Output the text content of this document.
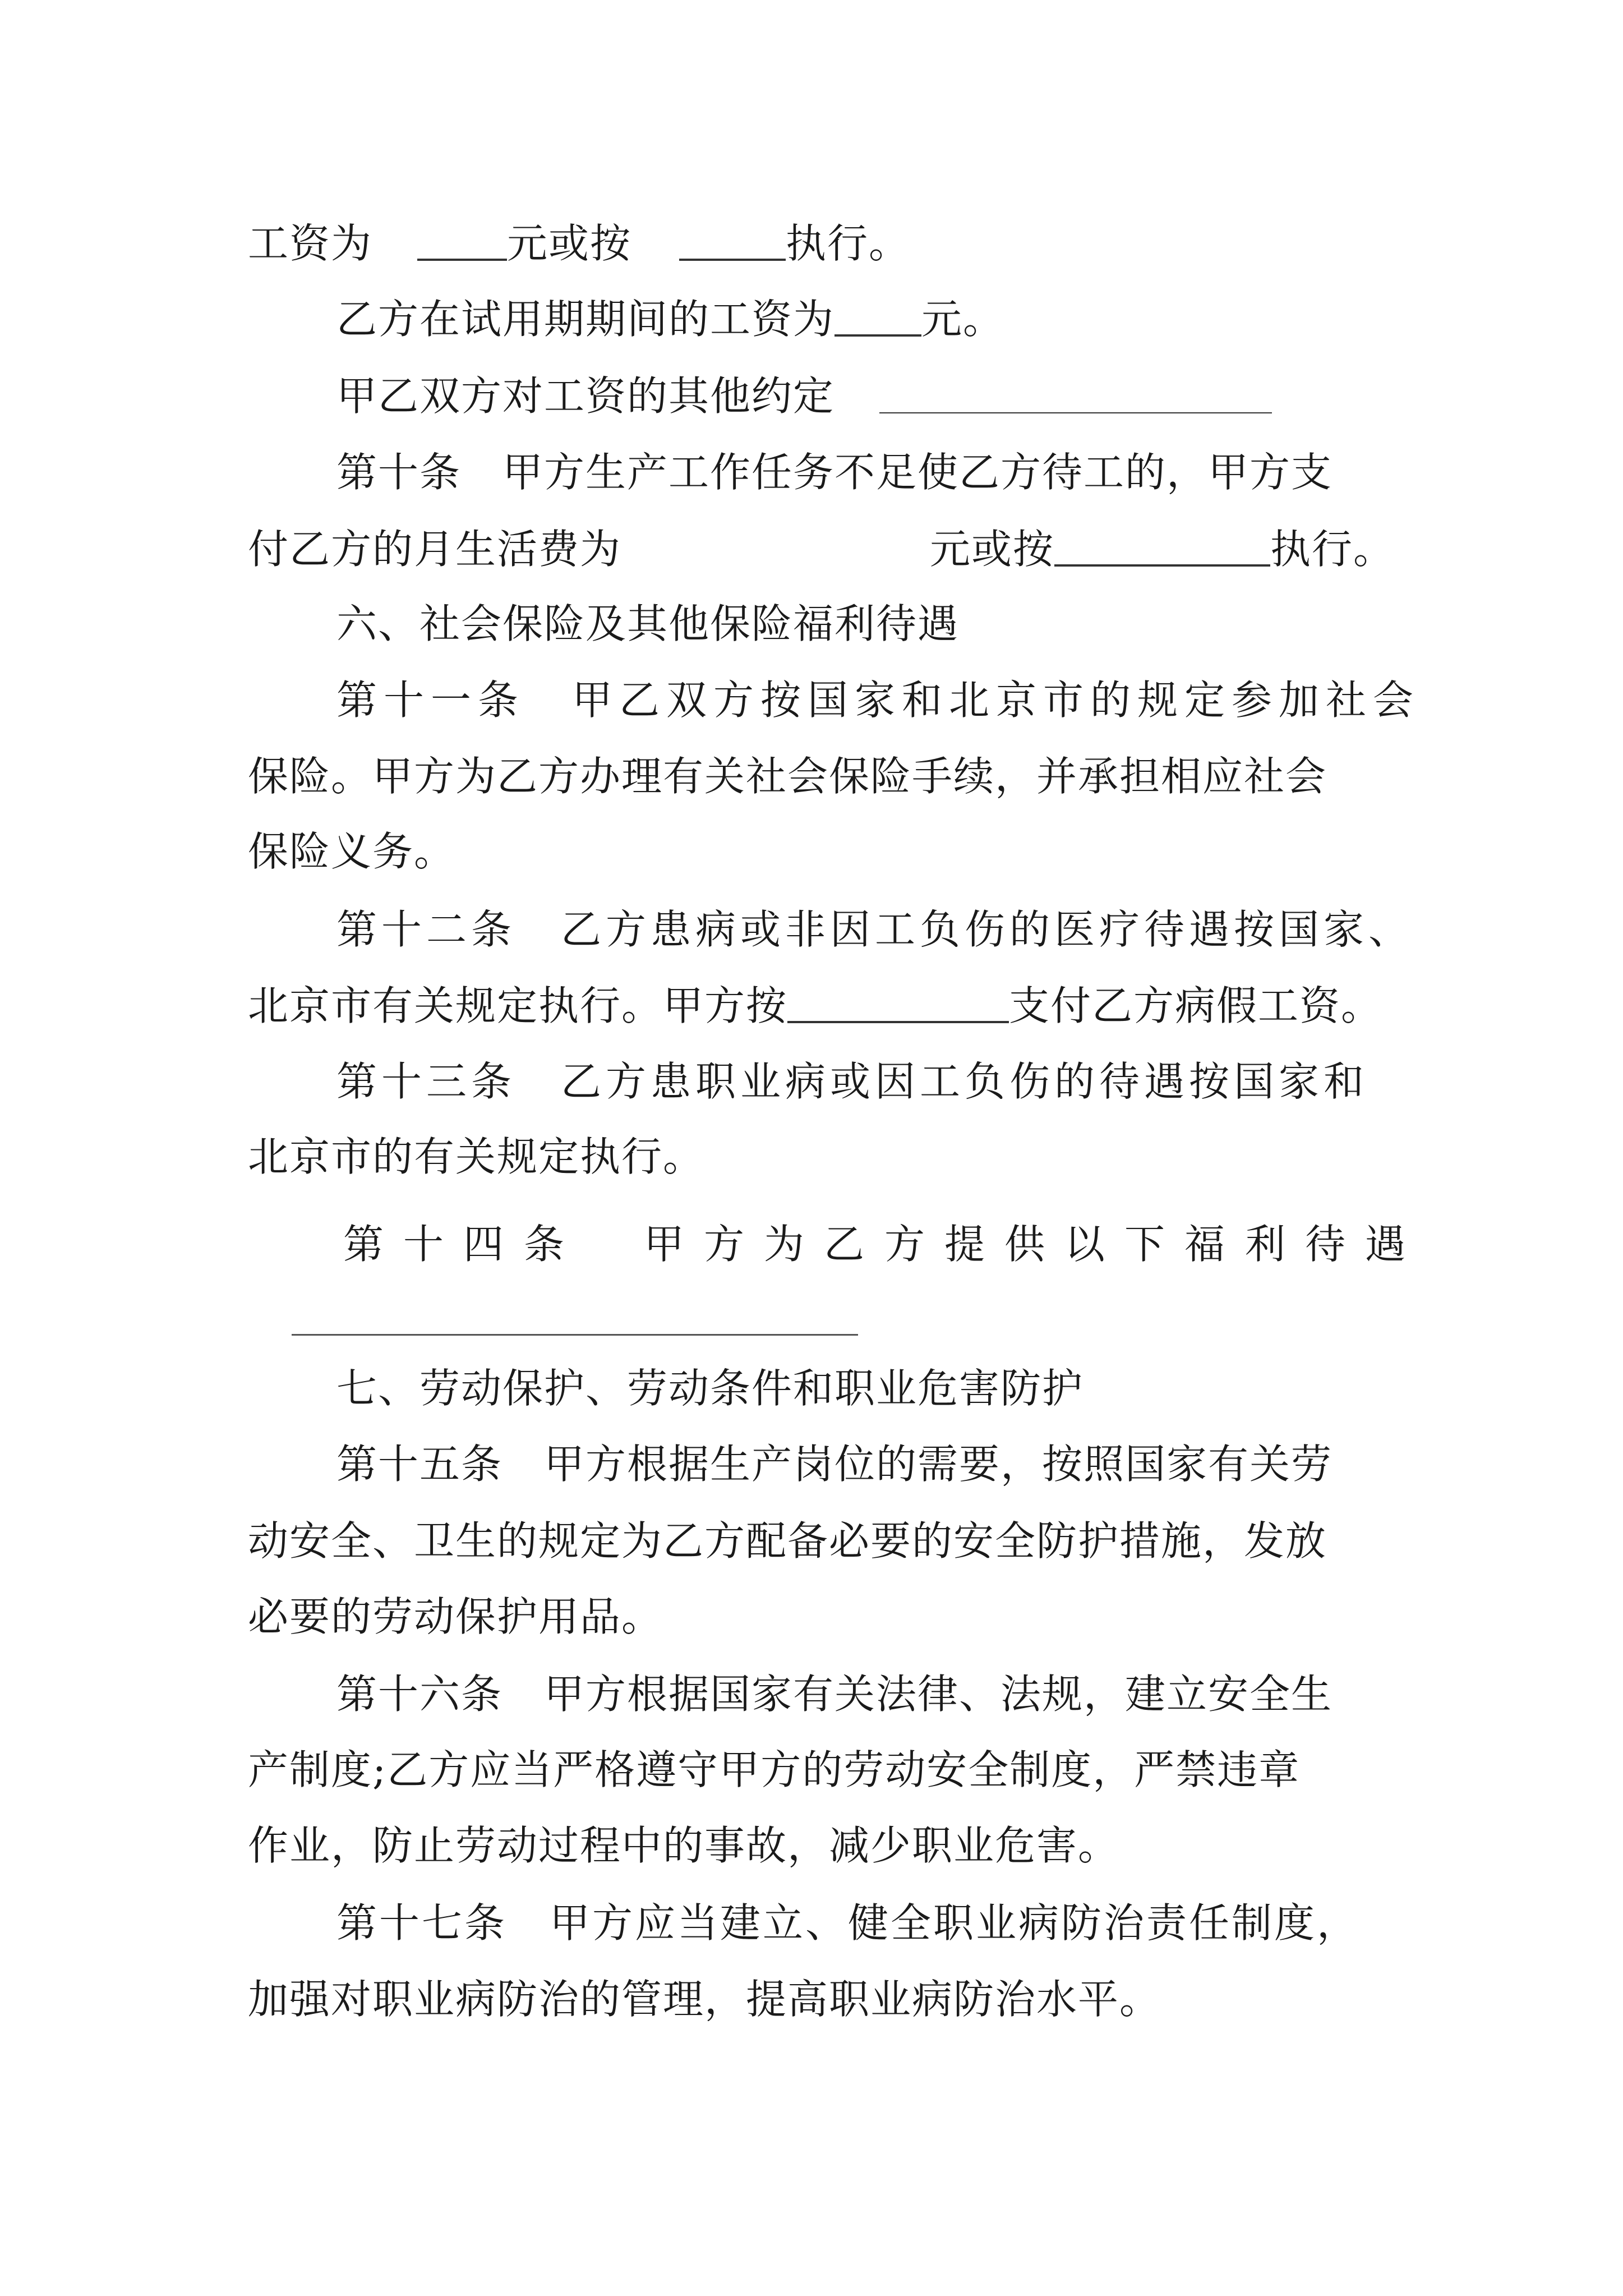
工资为	元或按	执行。
乙方在试用期期间的工资为 元。
甲乙双方对工资的其他约定
第十条　甲方生产工作任务不足使乙方待工的，甲方支
付乙方的月生活费为	元或按	执行。
六、社会保险及其他保险福利待遇
第十一条　甲乙双方按国家和北京市的规定参加社会
保险。甲方为乙方办理有关社会保险手续，并承担相应社会
保险义务。
第十二条　乙方患病或非因工负伤的医疗待遇按国家、
北京市有关规定执行。甲方按	支付乙方病假工资。
第十三条　乙方患职业病或因工负伤的待遇按国家和
北京市的有关规定执行。
第 十 四 条 甲 方 为 乙 方 提 供 以 下 福 利 待 遇
七、劳动保护、劳动条件和职业危害防护
第十五条　甲方根据生产岗位的需要，按照国家有关劳
动安全、卫生的规定为乙方配备必要的安全防护措施，发放
必要的劳动保护用品。
第十六条　甲方根据国家有关法律、法规，建立安全生
产制度;乙方应当严格遵守甲方的劳动安全制度，严禁违章
作业，防止劳动过程中的事故，减少职业危害。
第十七条　甲方应当建立、健全职业病防治责任制度，
加强对职业病防治的管理，提高职业病防治水平。
